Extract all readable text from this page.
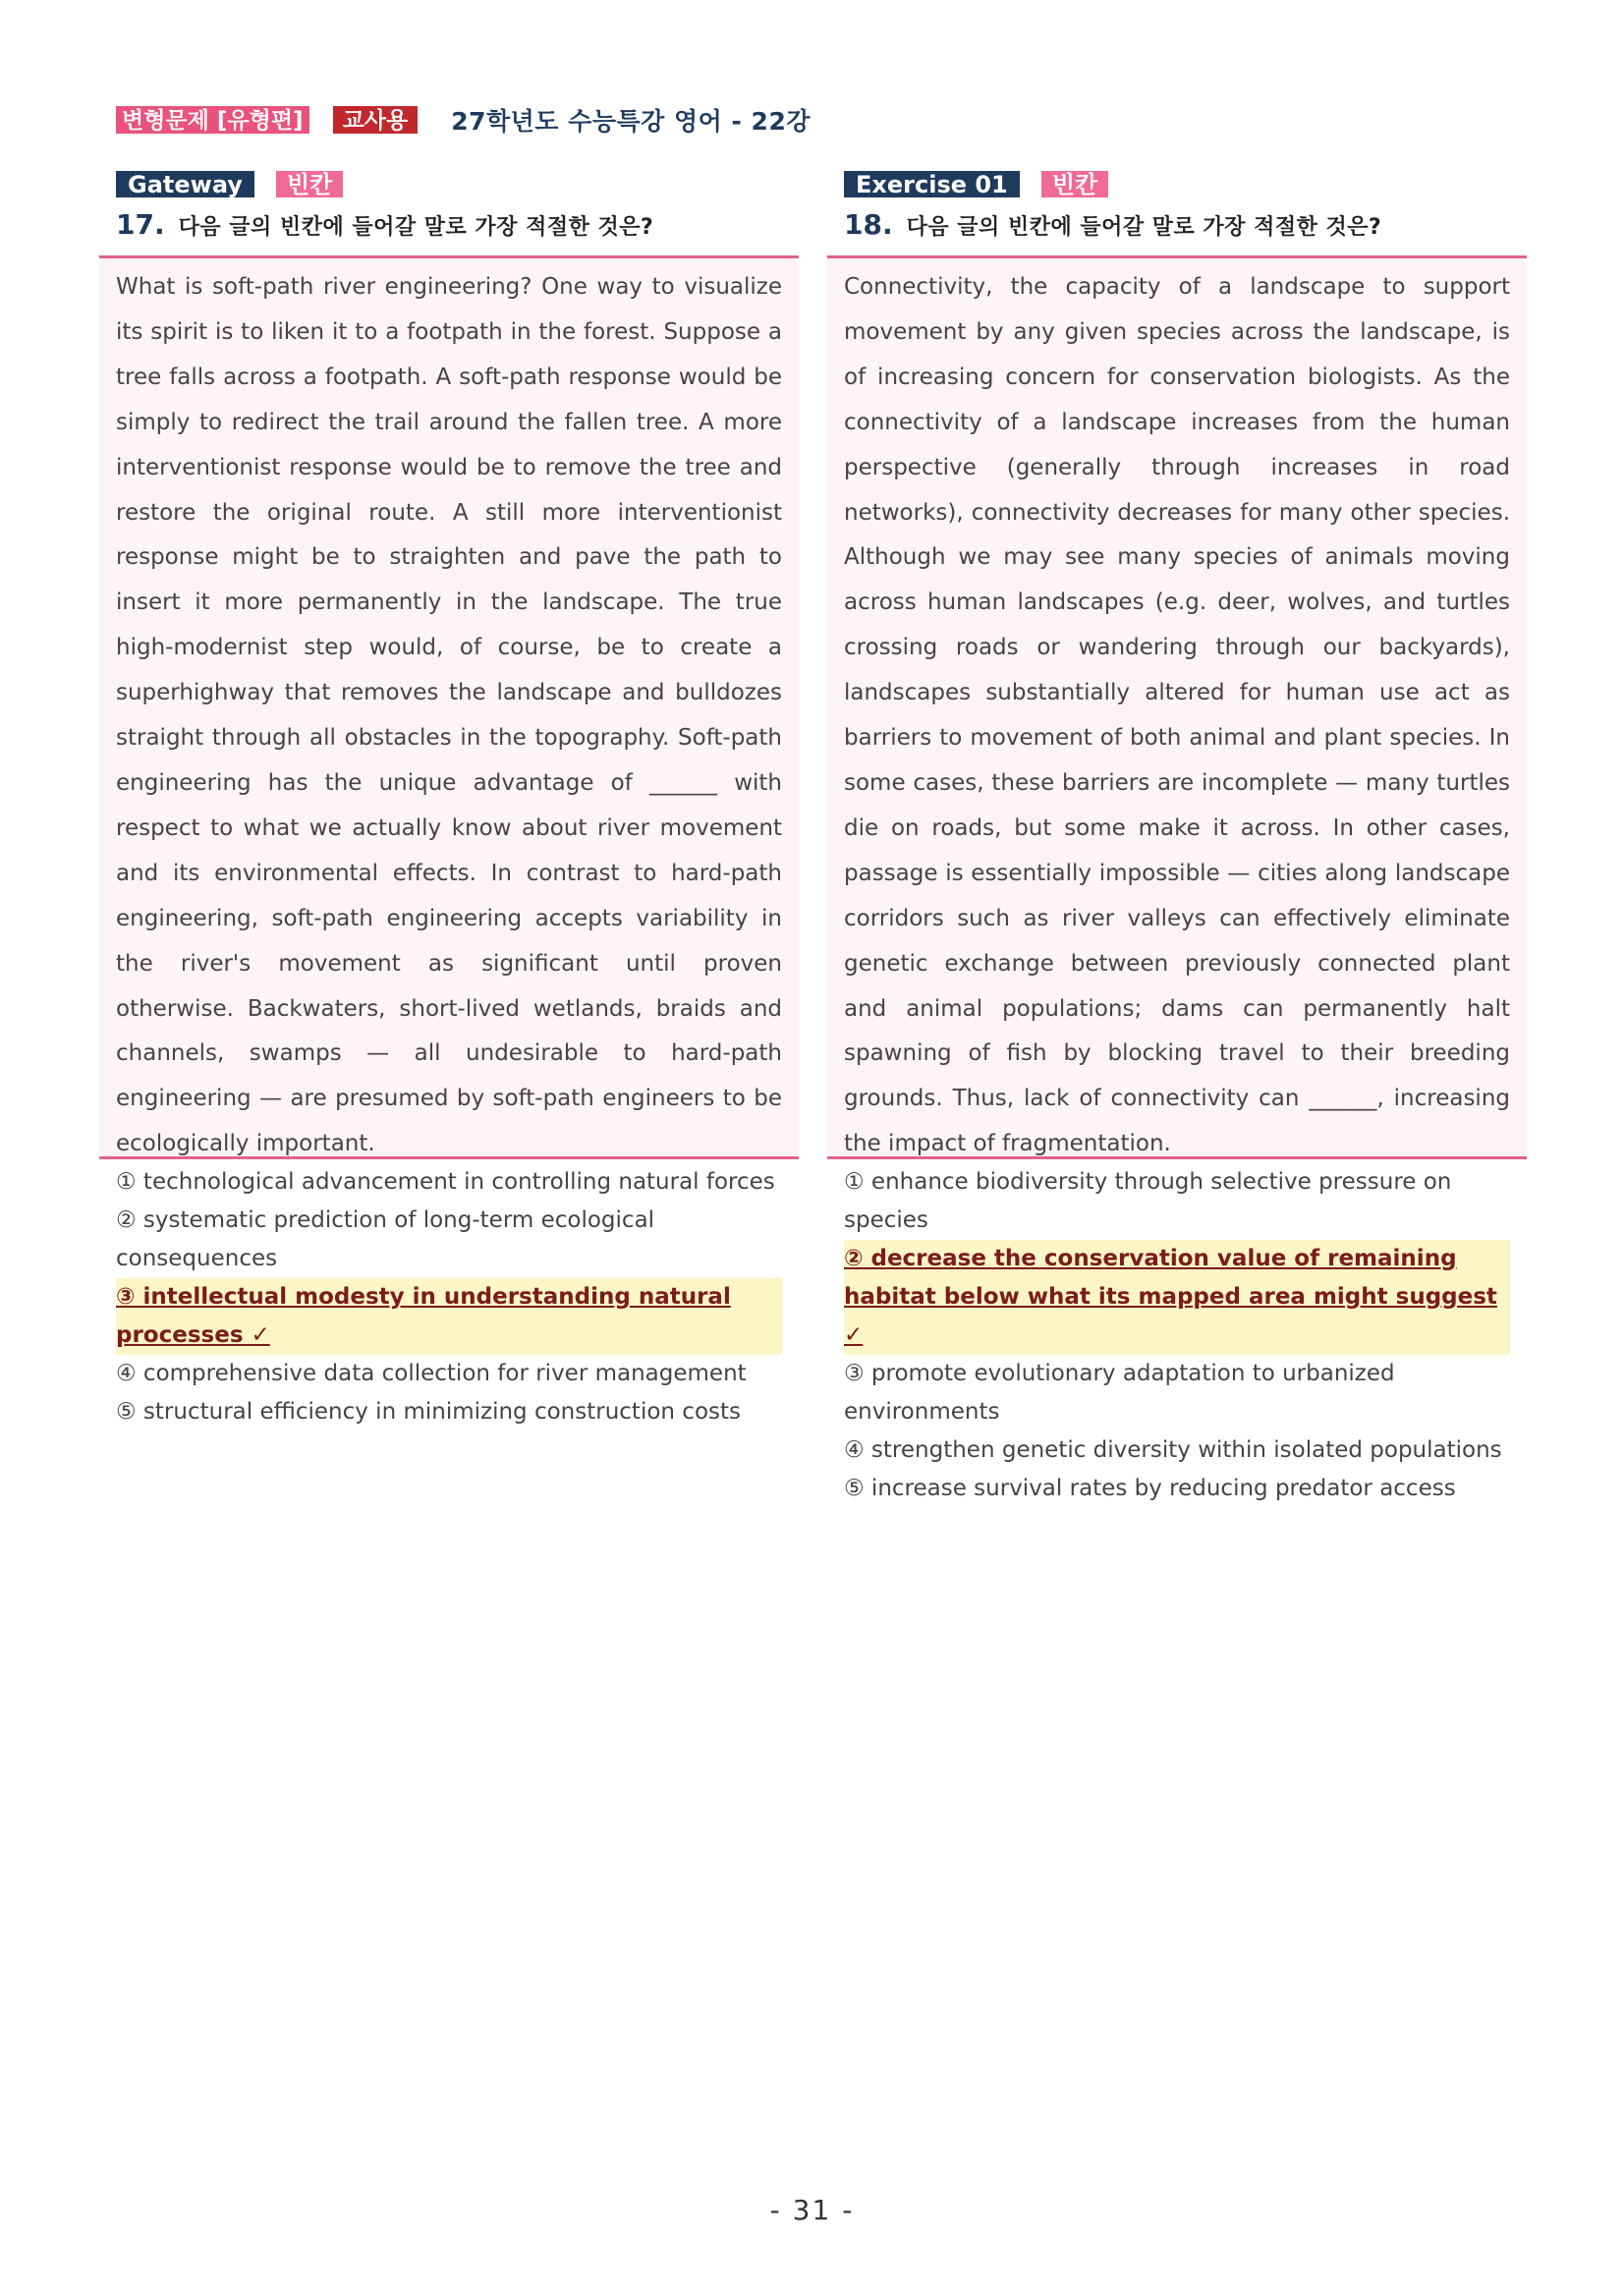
변형문제 [유형편]	교사용	27학년도 수능특강 영어 - 22강
Gateway	빈칸
17. 다음 글의 빈칸에 들어갈 말로 가장 적절한 것은?
What is soft-path river engineering? One way to visualize its spirit is to liken it to a footpath in the forest. Suppose a tree falls across a footpath. A soft-path response would be simply to redirect the trail around the fallen tree. A more interventionist response would be to remove the tree and restore the original route. A still more interventionist response might be to straighten and pave the path to insert it more permanently in the landscape. The true high-modernist step would, of course, be to create a superhighway that removes the landscape and bulldozes straight through all obstacles in the topography. Soft-path engineering has the unique advantage of ______ with respect to what we actually know about river movement and its environmental effects. In contrast to hard-path engineering, soft-path engineering accepts variability in the river's movement as significant until proven otherwise. Backwaters, short-lived wetlands, braids and channels, swamps — all undesirable to hard-path engineering — are presumed by soft-path engineers to be ecologically important.
① technological advancement in controlling natural forces
② systematic prediction of long-term ecological consequences
③ intellectual modesty in understanding natural processes ✓
④ comprehensive data collection for river management
⑤ structural efficiency in minimizing construction costs
Exercise 01	빈칸
18. 다음 글의 빈칸에 들어갈 말로 가장 적절한 것은?
Connectivity, the capacity of a landscape to support movement by any given species across the landscape, is of increasing concern for conservation biologists. As the connectivity of a landscape increases from the human perspective (generally through increases in road networks), connectivity decreases for many other species. Although we may see many species of animals moving across human landscapes (e.g. deer, wolves, and turtles crossing roads or wandering through our backyards), landscapes substantially altered for human use act as barriers to movement of both animal and plant species. In some cases, these barriers are incomplete — many turtles die on roads, but some make it across. In other cases, passage is essentially impossible — cities along landscape corridors such as river valleys can effectively eliminate genetic exchange between previously connected plant and animal populations; dams can permanently halt spawning of fish by blocking travel to their breeding grounds. Thus, lack of connectivity can ______, increasing the impact of fragmentation.
① enhance biodiversity through selective pressure on species
② decrease the conservation value of remaining habitat below what its mapped area might suggest ✓
③ promote evolutionary adaptation to urbanized environments
④ strengthen genetic diversity within isolated populations
⑤ increase survival rates by reducing predator access
- 31 -
